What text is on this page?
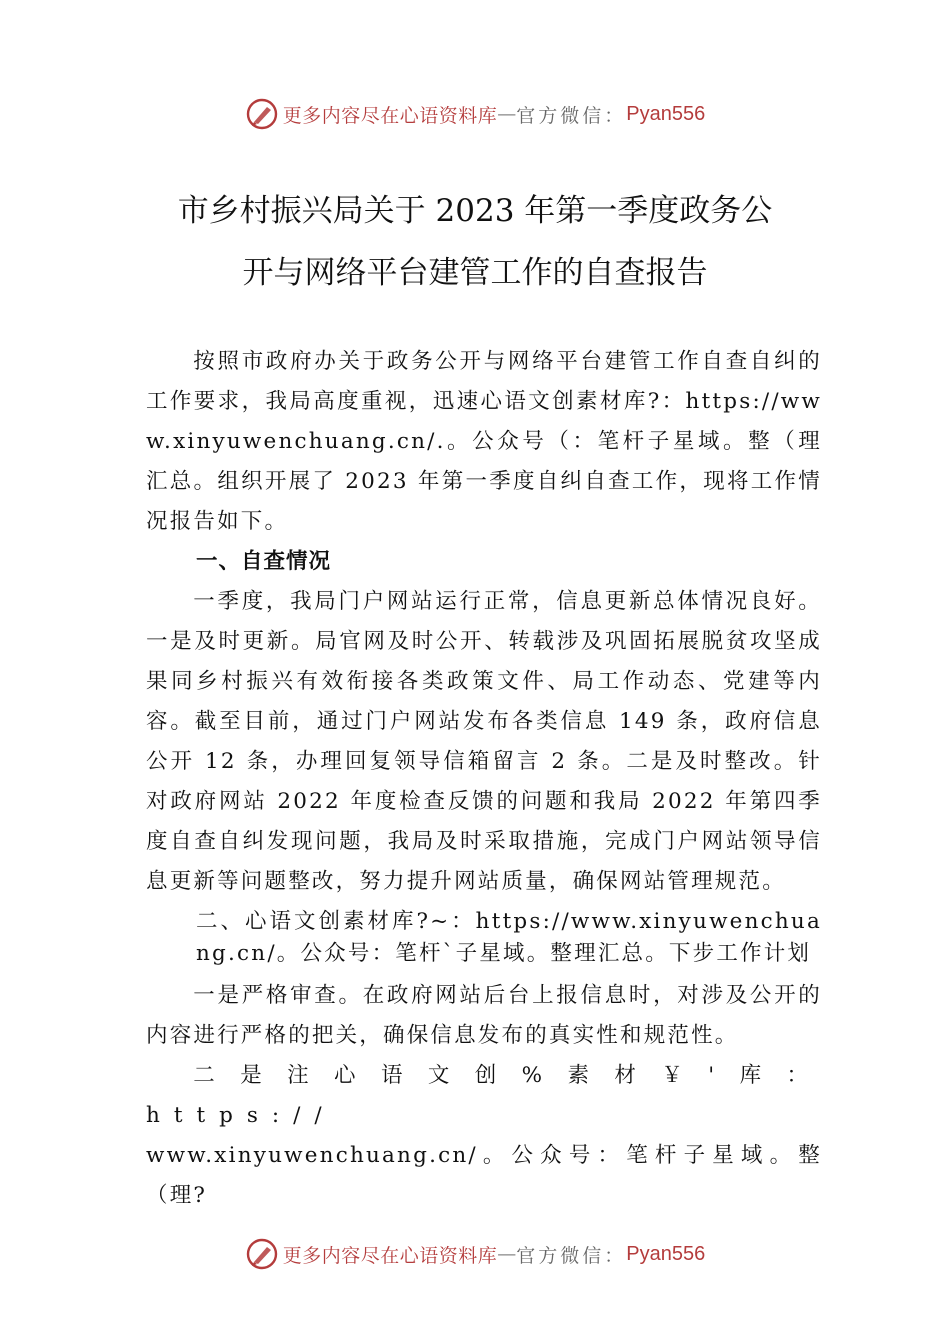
更多内容尽在心语资料库 — 官方微信： Pyan556
市乡村振兴局关于 2023 年第一季度政务公
开与网络平台建管工作的自查报告

按照市政府办关于政务公开与网络平台建管工作自查自纠的工作要求，我局高度重视，迅速心语文创素材库?：https://www.xinyuwenchuang.cn/.。公众号（：笔杆子星域。整（理汇总。组织开展了 2023 年第一季度自纠自查工作，现将工作情况报告如下。

一、自查情况

一季度，我局门户网站运行正常，信息更新总体情况良好。一是及时更新。局官网及时公开、转载涉及巩固拓展脱贫攻坚成果同乡村振兴有效衔接各类政策文件、局工作动态、党建等内容。截至目前，通过门户网站发布各类信息 149 条，政府信息公开 12 条，办理回复领导信箱留言 2 条。二是及时整改。针对政府网站 2022 年度检查反馈的问题和我局 2022 年第四季度自查自纠发现问题，我局及时采取措施，完成门户网站领导信息更新等问题整改，努力提升网站质量，确保网站管理规范。

二、心语文创素材库?~：https://www.xinyuwenchuang.cn/。公众号：笔杆`子星域。整理汇总。下步工作计划

一是严格审查。在政府网站后台上报信息时，对涉及公开的内容进行严格的把关，确保信息发布的真实性和规范性。

二是注心语文创%素材￥'库：https://

www.xinyuwenchuang.cn/。公众号：笔杆子星域。整（理?

更多内容尽在心语资料库 — 官方微信： Pyan556
